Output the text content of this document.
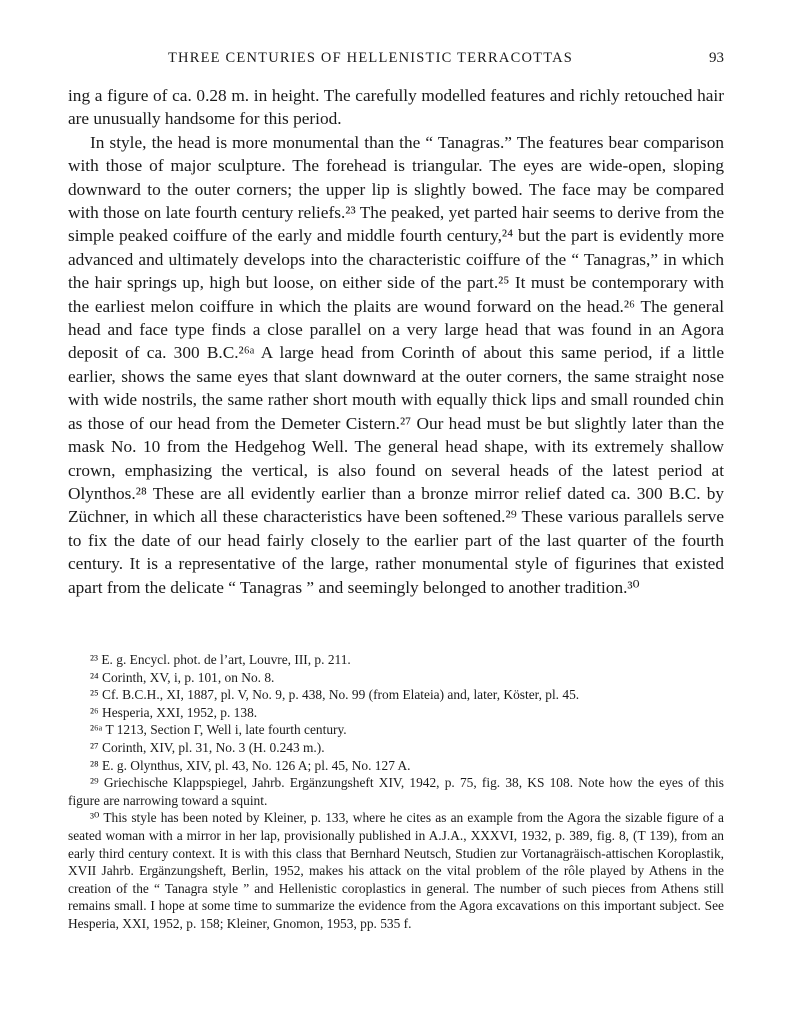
THREE CENTURIES OF HELLENISTIC TERRACOTTAS	93

ing a figure of ca. 0.28 m. in height. The carefully modelled features and richly retouched hair are unusually handsome for this period.

In style, the head is more monumental than the “ Tanagras.” The features bear comparison with those of major sculpture. The forehead is triangular. The eyes are wide-open, sloping downward to the outer corners; the upper lip is slightly bowed. The face may be compared with those on late fourth century reliefs.²³ The peaked, yet parted hair seems to derive from the simple peaked coiffure of the early and middle fourth century,²⁴ but the part is evidently more advanced and ultimately develops into the characteristic coiffure of the “ Tanagras,” in which the hair springs up, high but loose, on either side of the part.²⁵ It must be contemporary with the earliest melon coiffure in which the plaits are wound forward on the head.²⁶ The general head and face type finds a close parallel on a very large head that was found in an Agora deposit of ca. 300 B.C.²⁶ᵃ A large head from Corinth of about this same period, if a little earlier, shows the same eyes that slant downward at the outer corners, the same straight nose with wide nostrils, the same rather short mouth with equally thick lips and small rounded chin as those of our head from the Demeter Cistern.²⁷ Our head must be but slightly later than the mask No. 10 from the Hedgehog Well. The general head shape, with its extremely shallow crown, emphasizing the vertical, is also found on several heads of the latest period at Olynthos.²⁸ These are all evidently earlier than a bronze mirror relief dated ca. 300 B.C. by Züchner, in which all these characteristics have been softened.²⁹ These various parallels serve to fix the date of our head fairly closely to the earlier part of the last quarter of the fourth century. It is a representative of the large, rather monumental style of figurines that existed apart from the delicate “ Tanagras ” and seemingly belonged to another tradition.³⁰

²³ E. g. Encycl. phot. de l’art, Louvre, III, p. 211.

²⁴ Corinth, XV, i, p. 101, on No. 8.

²⁵ Cf. B.C.H., XI, 1887, pl. V, No. 9, p. 438, No. 99 (from Elateia) and, later, Köster, pl. 45.

²⁶ Hesperia, XXI, 1952, p. 138.

²⁶ᵃ T 1213, Section Γ, Well i, late fourth century.

²⁷ Corinth, XIV, pl. 31, No. 3 (H. 0.243 m.).

²⁸ E. g. Olynthus, XIV, pl. 43, No. 126 A; pl. 45, No. 127 A.

²⁹ Griechische Klappspiegel, Jahrb. Ergänzungsheft XIV, 1942, p. 75, fig. 38, KS 108. Note how the eyes of this figure are narrowing toward a squint.

³⁰ This style has been noted by Kleiner, p. 133, where he cites as an example from the Agora the sizable figure of a seated woman with a mirror in her lap, provisionally published in A.J.A., XXXVI, 1932, p. 389, fig. 8, (T 139), from an early third century context. It is with this class that Bernhard Neutsch, Studien zur Vortanagräisch-attischen Koroplastik, XVII Jahrb. Ergänzungsheft, Berlin, 1952, makes his attack on the vital problem of the rôle played by Athens in the creation of the “ Tanagra style ” and Hellenistic coroplastics in general. The number of such pieces from Athens still remains small. I hope at some time to summarize the evidence from the Agora excavations on this important subject. See Hesperia, XXI, 1952, p. 158; Kleiner, Gnomon, 1953, pp. 535 f.
